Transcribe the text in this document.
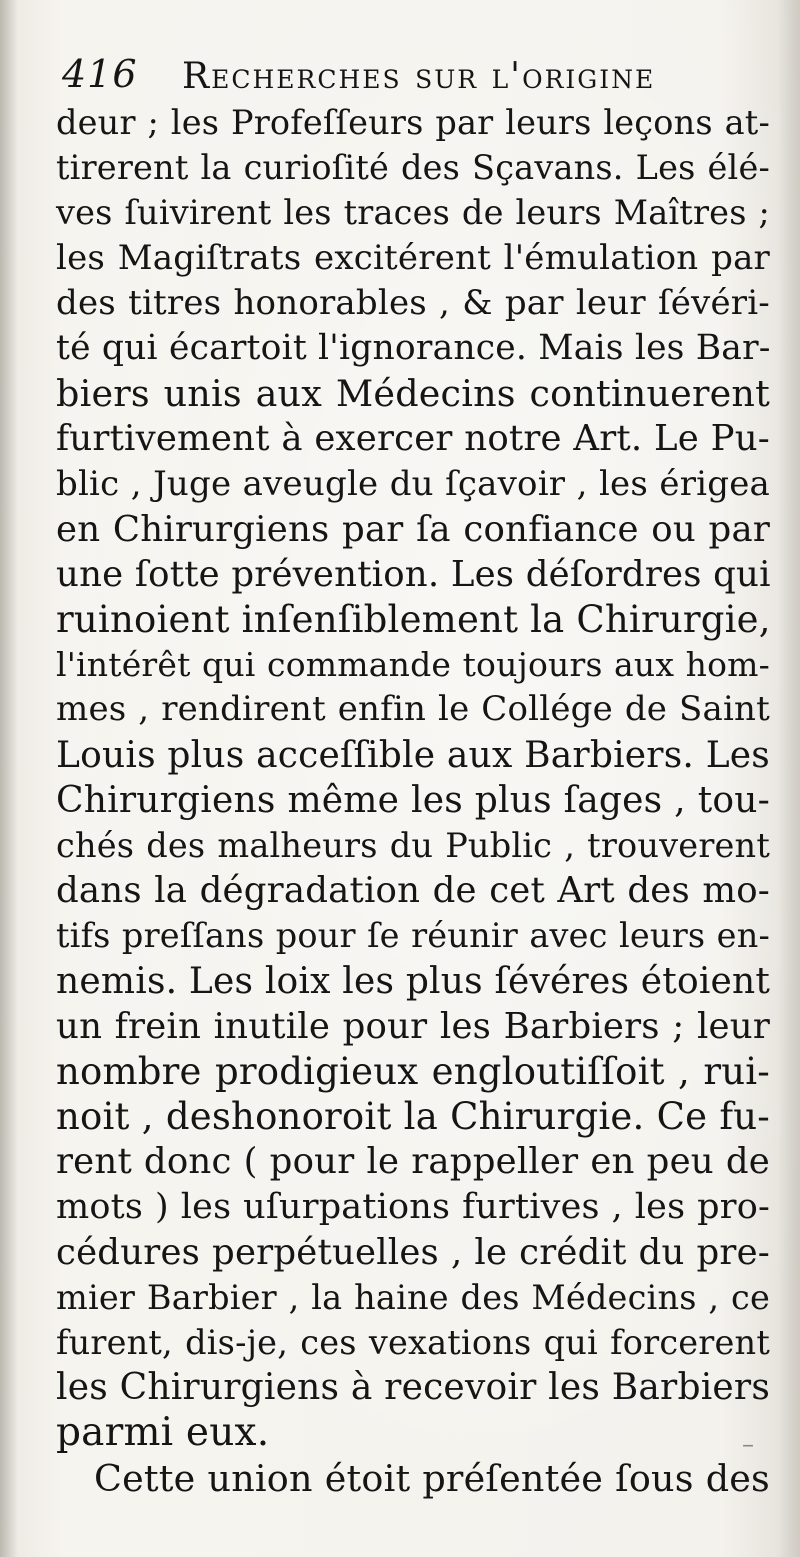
416 Recherches sur l'origine
deur ; les Profeſſeurs par leurs leçons at-
tirerent la curioſité des Sçavans. Les élé-
ves ſuivirent les traces de leurs Maîtres ;
les Magiſtrats excitérent l'émulation par
des titres honorables , & par leur ſévéri-
té qui écartoit l'ignorance. Mais les Bar-
biers unis aux Médecins continuerent
furtivement à exercer notre Art. Le Pu-
blic , Juge aveugle du ſçavoir , les érigea
en Chirurgiens par ſa confiance ou par
une ſotte prévention. Les déſordres qui
ruinoient inſenſiblement la Chirurgie,
l'intérêt qui commande toujours aux hom-
mes , rendirent enfin le Collége de Saint
Louis plus acceſſible aux Barbiers. Les
Chirurgiens même les plus ſages , tou-
chés des malheurs du Public , trouverent
dans la dégradation de cet Art des mo-
tifs preſſans pour ſe réunir avec leurs en-
nemis. Les loix les plus ſévéres étoient
un frein inutile pour les Barbiers ; leur
nombre prodigieux engloutiſſoit , rui-
noit , deshonoroit la Chirurgie. Ce fu-
rent donc ( pour le rappeller en peu de
mots ) les uſurpations furtives , les pro-
cédures perpétuelles , le crédit du pre-
mier Barbier , la haine des Médecins , ce
furent, dis-je, ces vexations qui forcerent
les Chirurgiens à recevoir les Barbiers
parmi eux.
Cette union étoit préſentée ſous des
–
